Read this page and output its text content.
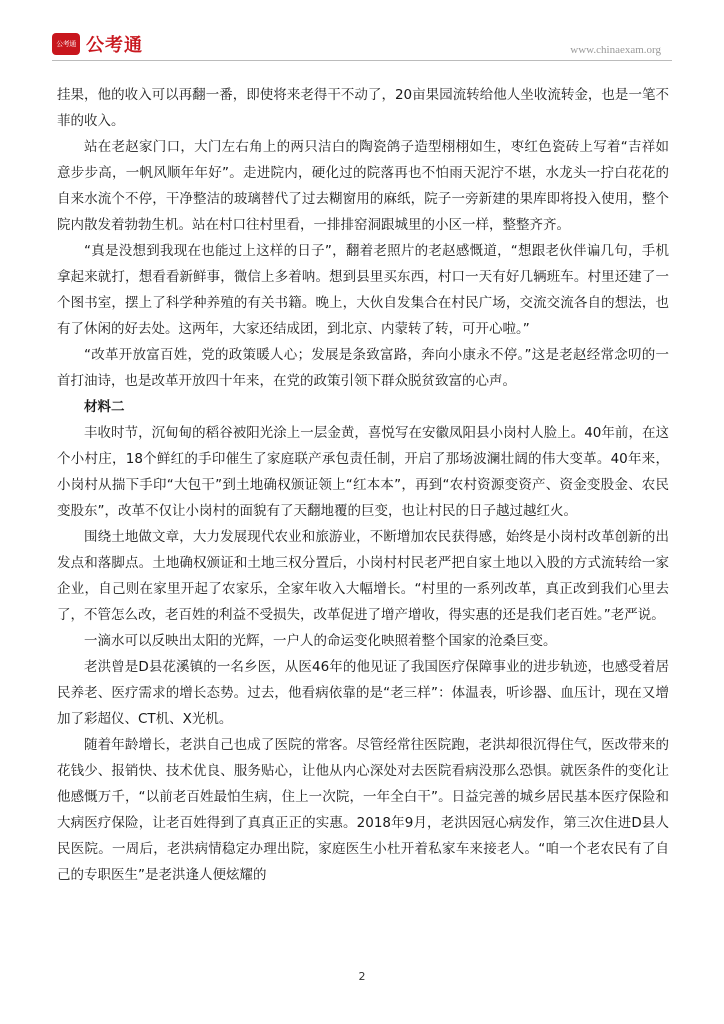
公考通 公考通	www.chinaexam.org

挂果，他的收入可以再翻一番，即使将来老得干不动了，20亩果园流转给他人坐收流转金，也是一笔不菲的收入。

站在老赵家门口，大门左右角上的两只洁白的陶瓷鸽子造型栩栩如生，枣红色瓷砖上写着“吉祥如意步步高，一帆风顺年年好”。走进院内，硬化过的院落再也不怕雨天泥泞不堪，水龙头一拧白花花的自来水流个不停，干净整洁的玻璃替代了过去糊窗用的麻纸，院子一旁新建的果库即将投入使用，整个院内散发着勃勃生机。站在村口往村里看，一排排窑洞跟城里的小区一样，整整齐齐。

“真是没想到我现在也能过上这样的日子”，翻着老照片的老赵感慨道，“想跟老伙伴谝几句，手机拿起来就打，想看看新鲜事，微信上多着呐。想到县里买东西，村口一天有好几辆班车。村里还建了一个图书室，摆上了科学种养殖的有关书籍。晚上，大伙自发集合在村民广场，交流交流各自的想法，也有了休闲的好去处。这两年，大家还结成团，到北京、内蒙转了转，可开心啦。”

“改革开放富百姓，党的政策暖人心；发展是条致富路，奔向小康永不停。”这是老赵经常念叨的一首打油诗，也是改革开放四十年来，在党的政策引领下群众脱贫致富的心声。

材料二

丰收时节，沉甸甸的稻谷被阳光涂上一层金黄，喜悦写在安徽凤阳县小岗村人脸上。40年前，在这个小村庄，18个鲜红的手印催生了家庭联产承包责任制，开启了那场波澜壮阔的伟大变革。40年来，小岗村从揣下手印“大包干”到土地确权颁证领上“红本本”，再到“农村资源变资产、资金变股金、农民变股东”，改革不仅让小岗村的面貌有了天翻地覆的巨变，也让村民的日子越过越红火。

围绕土地做文章，大力发展现代农业和旅游业，不断增加农民获得感，始终是小岗村改革创新的出发点和落脚点。土地确权颁证和土地三权分置后，小岗村村民老严把自家土地以入股的方式流转给一家企业，自己则在家里开起了农家乐，全家年收入大幅增长。“村里的一系列改革，真正改到我们心里去了，不管怎么改，老百姓的利益不受损失，改革促进了增产增收，得实惠的还是我们老百姓。”老严说。

一滴水可以反映出太阳的光辉，一户人的命运变化映照着整个国家的沧桑巨变。

老洪曾是D县花溪镇的一名乡医，从医46年的他见证了我国医疗保障事业的进步轨迹，也感受着居民养老、医疗需求的增长态势。过去，他看病依靠的是“老三样”：体温表，听诊器、血压计，现在又增加了彩超仪、CT机、X光机。

随着年龄增长，老洪自己也成了医院的常客。尽管经常往医院跑，老洪却很沉得住气，医改带来的花钱少、报销快、技术优良、服务贴心，让他从内心深处对去医院看病没那么恐惧。就医条件的变化让他感慨万千，“以前老百姓最怕生病，住上一次院，一年全白干”。日益完善的城乡居民基本医疗保险和大病医疗保险，让老百姓得到了真真正正的实惠。2018年9月，老洪因冠心病发作，第三次住进D县人民医院。一周后，老洪病情稳定办理出院，家庭医生小杜开着私家车来接老人。“咱一个老农民有了自己的专职医生”是老洪逢人便炫耀的

2
